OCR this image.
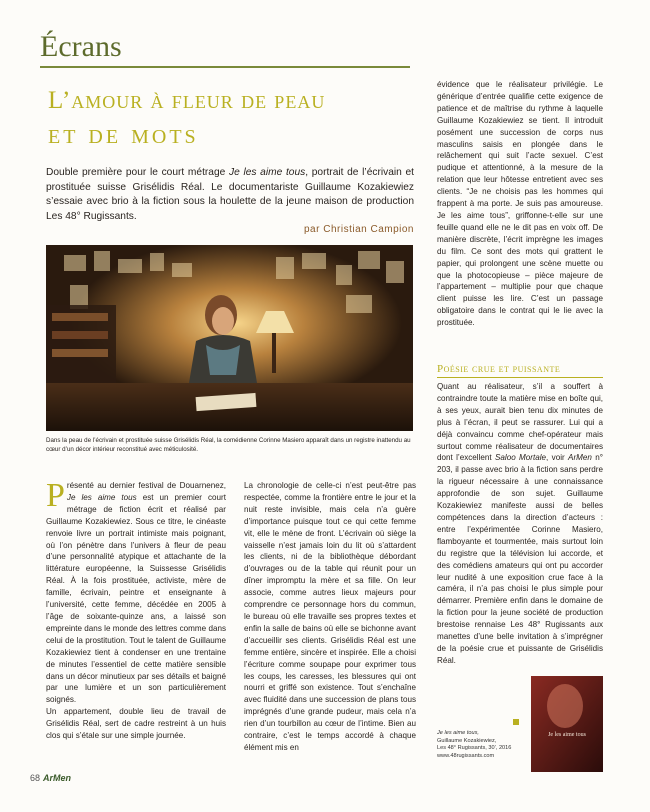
Écrans
L’amour à fleur de peau
et de mots
Double première pour le court métrage Je les aime tous, portrait de l’écrivain et prostituée suisse Grisélidis Réal. Le documentariste Guillaume Kozakiewiez s’essaie avec brio à la fiction sous la houlette de la jeune maison de production Les 48° Rugissants.
par Christian Campion
Dans la peau de l’écrivain et prostituée suisse Grisélidis Réal, la comédienne Corinne Masiero apparaît dans un registre inattendu au cœur d’un décor intérieur reconstitué avec méticulosité.
Présenté au dernier festival de Douarnenez, Je les aime tous est un premier court métrage de fiction écrit et réalisé par Guillaume Kozakiewiez. Sous ce titre, le cinéaste renvoie livre un portrait intimiste mais poignant, où l’on pénètre dans l’univers à fleur de peau d’une personnalité atypique et attachante de la littérature européenne, la Suissesse Grisélidis Réal. À la fois prostituée, activiste, mère de famille, écrivain, peintre et enseignante à l’université, cette femme, décédée en 2005 à l’âge de soixante-quinze ans, a laissé son empreinte dans le monde des lettres comme dans celui de la prostitution. Tout le talent de Guillaume Kozakiewiez tient à condenser en une trentaine de minutes l’essentiel de cette matière sensible dans un décor minutieux par ses détails et baigné par une lumière et un son particulièrement soignés.
Un appartement, double lieu de travail de Grisélidis Réal, sert de cadre restreint à un huis clos qui s’étale sur une simple journée.
La chronologie de celle-ci n’est peut-être pas respectée, comme la frontière entre le jour et la nuit reste invisible, mais cela n’a guère d’importance puisque tout ce qui cette femme vit, elle le mène de front. L’écrivain où siège la vaisselle n’est jamais loin du lit où s’attardent les clients, ni de la bibliothèque débordant d’ouvrages ou de la table qui réunit pour un dîner impromptu la mère et sa fille. On leur associe, comme autres lieux majeurs pour comprendre ce personnage hors du commun, le bureau où elle travaille ses propres textes et enfin la salle de bains où elle se bichonne avant d’accueillir ses clients. Grisélidis Réal est une femme entière, sincère et inspirée. Elle a choisi l’écriture comme soupape pour exprimer tous les coups, les caresses, les blessures qui ont nourri et griffé son existence. Tout s’enchaîne avec fluidité dans une succession de plans tous imprégnés d’une grande pudeur, mais cela n’a rien d’un tourbillon au cœur de l’intime. Bien au contraire, c’est le temps accordé à chaque élément mis en
évidence que le réalisateur privilégie. Le générique d’entrée qualifie cette exigence de patience et de maîtrise du rythme à laquelle Guillaume Kozakiewiez se tient. Il introduit posément une succession de corps nus masculins saisis en plongée dans le relâchement qui suit l’acte sexuel. C’est pudique et attentionné, à la mesure de la relation que leur hôtesse entretient avec ses clients. “Je ne choisis pas les hommes qui frappent à ma porte. Je suis pas amoureuse. Je les aime tous”, griffonne-t-elle sur une feuille quand elle ne le dit pas en voix off. De manière discrète, l’écrit imprègne les images du film. Ce sont des mots qui grattent le papier, qui prolongent une scène muette ou que la photocopieuse – pièce majeure de l’appartement – multiplie pour que chaque client puisse les lire. C’est un passage obligatoire dans le contrat qui le lie avec la prostituée.
Poésie crue et puissante
Quant au réalisateur, s’il a souffert à contraindre toute la matière mise en boîte qui, à ses yeux, aurait bien tenu dix minutes de plus à l’écran, il peut se rassurer. Lui qui a déjà convaincu comme chef-opérateur mais surtout comme réalisateur de documentaires dont l’excellent Saloo Mortale, voir ArMen n° 203, il passe avec brio à la fiction sans perdre la rigueur nécessaire à une connaissance approfondie de son sujet. Guillaume Kozakiewiez manifeste aussi de belles compétences dans la direction d’acteurs : entre l’expérimentée Corinne Masiero, flamboyante et tourmentée, mais surtout loin du registre que la télévision lui accorde, et des comédiens amateurs qui ont pu accorder leur nudité à une exposition crue face à la caméra, il n’a pas choisi le plus simple pour démarrer. Première enfin dans le domaine de la fiction pour la jeune société de production brestoise rennaise Les 48° Rugissants aux manettes d’une belle invitation à s’imprégner de la poésie crue et puissante de Grisélidis Réal.
Je les aime tous
Je les aime tous,
Guillaume Kozakiewiez,
Les 48° Rugissants, 30’, 2016
www.48rugissants.com
68 ArMen
